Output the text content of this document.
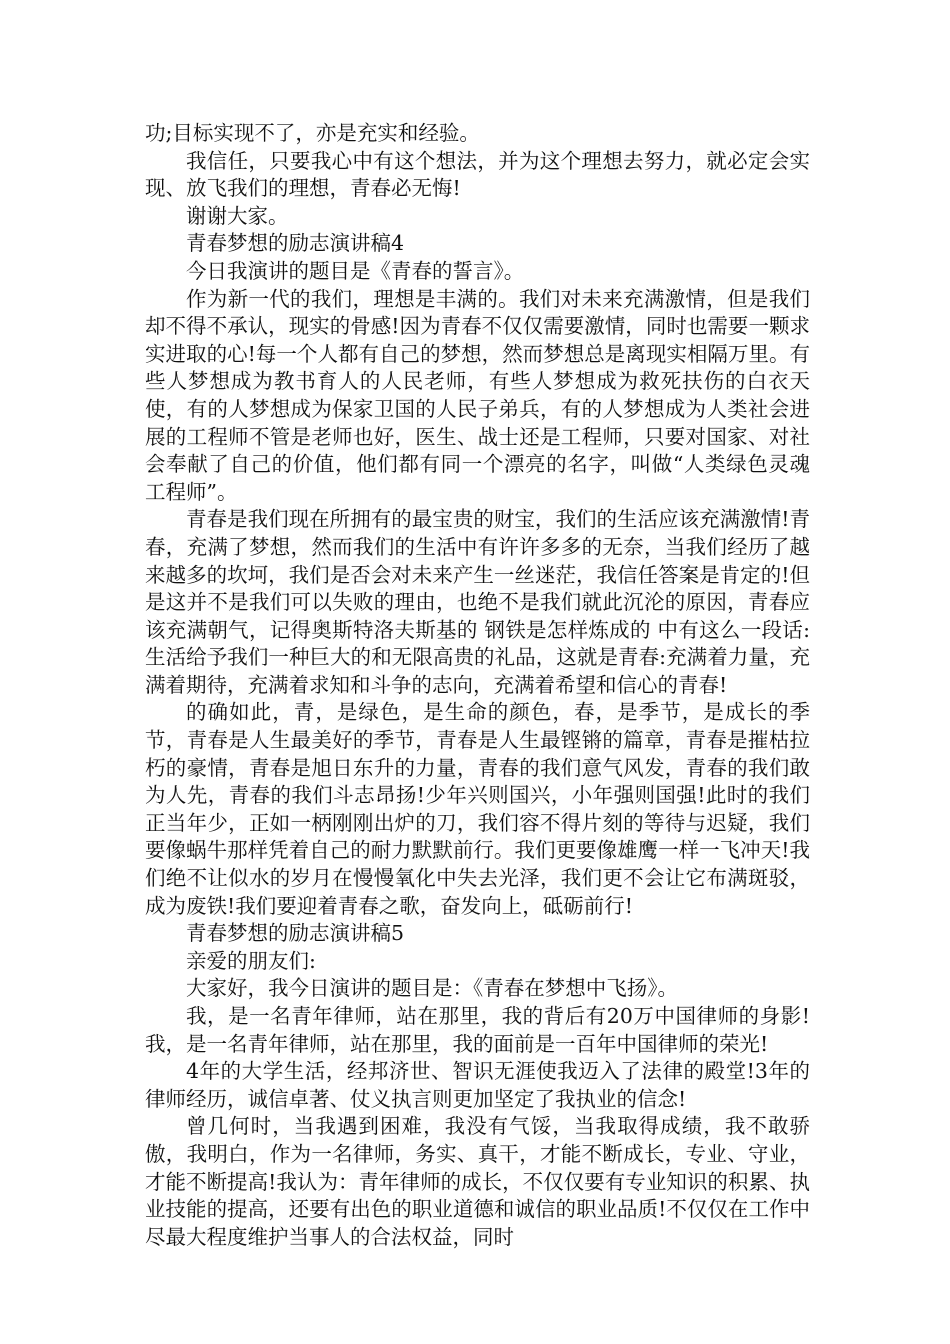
功;目标实现不了，亦是充实和经验。

我信任，只要我心中有这个想法，并为这个理想去努力，就必定会实现、放飞我们的理想，青春必无悔!

谢谢大家。

青春梦想的励志演讲稿4

今日我演讲的题目是《青春的誓言》。

作为新一代的我们，理想是丰满的。我们对未来充满激情，但是我们却不得不承认，现实的骨感!因为青春不仅仅需要激情，同时也需要一颗求实进取的心!每一个人都有自己的梦想，然而梦想总是离现实相隔万里。有些人梦想成为教书育人的人民老师，有些人梦想成为救死扶伤的白衣天使，有的人梦想成为保家卫国的人民子弟兵，有的人梦想成为人类社会进展的工程师不管是老师也好，医生、战士还是工程师，只要对国家、对社会奉献了自己的价值，他们都有同一个漂亮的名字，叫做“人类绿色灵魂工程师”。

青春是我们现在所拥有的最宝贵的财宝，我们的生活应该充满激情!青春，充满了梦想，然而我们的生活中有许许多多的无奈，当我们经历了越来越多的坎坷，我们是否会对未来产生一丝迷茫，我信任答案是肯定的!但是这并不是我们可以失败的理由，也绝不是我们就此沉沦的原因，青春应该充满朝气，记得奥斯特洛夫斯基的 钢铁是怎样炼成的 中有这么一段话:生活给予我们一种巨大的和无限高贵的礼品，这就是青春:充满着力量，充满着期待，充满着求知和斗争的志向，充满着希望和信心的青春!

的确如此，青，是绿色，是生命的颜色，春，是季节，是成长的季节，青春是人生最美好的季节，青春是人生最铿锵的篇章，青春是摧枯拉朽的豪情，青春是旭日东升的力量，青春的我们意气风发，青春的我们敢为人先，青春的我们斗志昂扬!少年兴则国兴，小年强则国强!此时的我们正当年少，正如一柄刚刚出炉的刀，我们容不得片刻的等待与迟疑，我们要像蜗牛那样凭着自己的耐力默默前行。我们更要像雄鹰一样一飞冲天!我们绝不让似水的岁月在慢慢氧化中失去光泽，我们更不会让它布满斑驳，成为废铁!我们要迎着青春之歌，奋发向上，砥砺前行!

青春梦想的励志演讲稿5

亲爱的朋友们:

大家好，我今日演讲的题目是：《青春在梦想中飞扬》。

我，是一名青年律师，站在那里，我的背后有20万中国律师的身影!我，是一名青年律师，站在那里，我的面前是一百年中国律师的荣光!

4年的大学生活，经邦济世、智识无涯使我迈入了法律的殿堂!3年的律师经历，诚信卓著、仗义执言则更加坚定了我执业的信念!

曾几何时，当我遇到困难，我没有气馁，当我取得成绩，我不敢骄傲，我明白，作为一名律师，务实、真干，才能不断成长，专业、守业，才能不断提高!我认为：青年律师的成长，不仅仅要有专业知识的积累、执业技能的提高，还要有出色的职业道德和诚信的职业品质!不仅仅在工作中尽最大程度维护当事人的合法权益，同时
